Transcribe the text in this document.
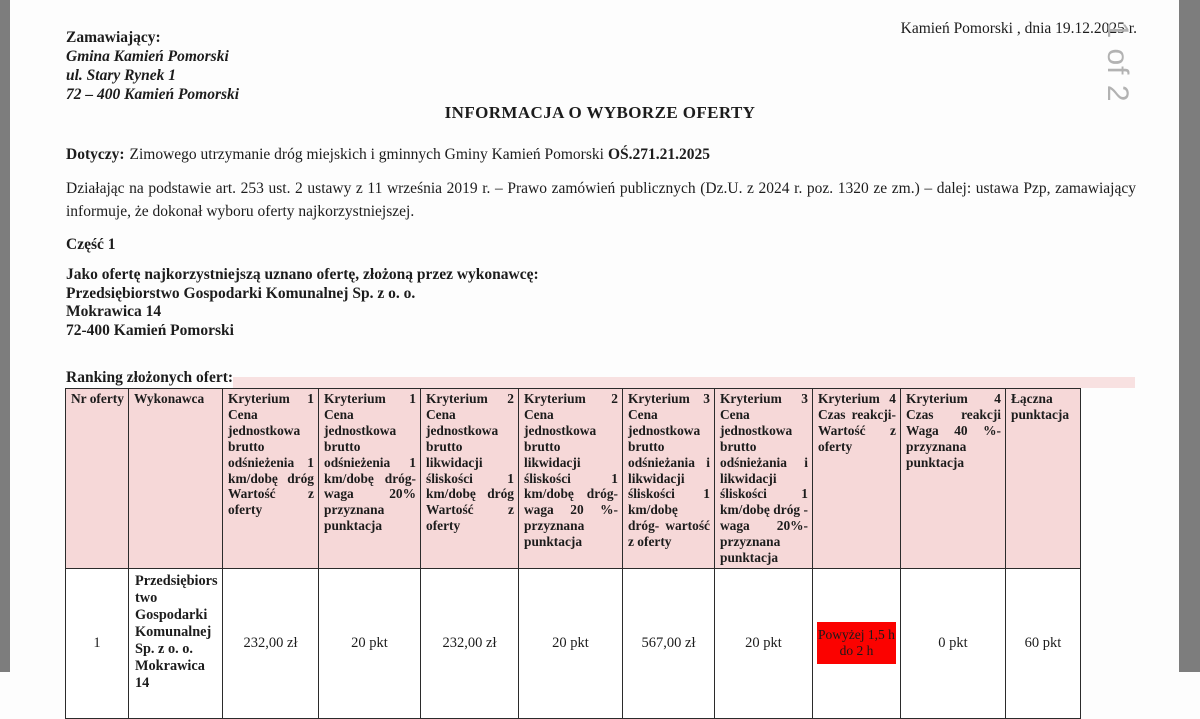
Kamień Pomorski , dnia 19.12.2025 r.
1 of 2
Zamawiający:
Gmina Kamień Pomorski
ul. Stary Rynek 1
72 – 400 Kamień Pomorski
INFORMACJA O WYBORZE OFERTY
Dotyczy: Zimowego utrzymanie dróg miejskich i gminnych Gminy Kamień Pomorski OŚ.271.21.2025

Działając na podstawie art. 253 ust. 2 ustawy z 11 września 2019 r. – Prawo zamówień publicznych (Dz.U. z 2024 r. poz. 1320 ze zm.) – dalej: ustawa Pzp, zamawiający informuje, że dokonał wyboru oferty najkorzystniejszej.

Część 1
Jako ofertę najkorzystniejszą uznano ofertę, złożoną przez wykonawcę:
Przedsiębiorstwo Gospodarki Komunalnej Sp. z o. o.
Mokrawica 14
72-400 Kamień Pomorski
Ranking złożonych ofert:
Nr oferty	Wykonawca	Kryterium 1 Cena jednostkowa brutto odśnieżenia 1 km/dobę dróg Wartość z oferty	Kryterium 1 Cena jednostkowa brutto odśnieżenia 1 km/dobę dróg- waga 20% przyznana punktacja	Kryterium 2 Cena jednostkowa brutto likwidacji śliskości 1 km/dobę dróg Wartość z oferty	Kryterium 2 Cena jednostkowa brutto likwidacji śliskości 1 km/dobę dróg- waga 20 %- przyznana punktacja	Kryterium 3 Cena jednostkowa brutto odśnieżania i likwidacji śliskości 1 km/dobę dróg- wartość z oferty	Kryterium 3 Cena jednostkowa brutto odśnieżania i likwidacji śliskości 1 km/dobę dróg - waga 20%- przyznana punktacja	Kryterium 4 Czas reakcji- Wartość z oferty	Kryterium 4 Czas reakcji Waga 40 %- przyznana punktacja	Łączna punktacja
1	Przedsiębiorstwo Gospodarki Komunalnej Sp. z o. o. Mokrawica 14	232,00 zł	20 pkt	232,00 zł	20 pkt	567,00 zł	20 pkt	Powyżej 1,5 h do 2 h	0 pkt	60 pkt
